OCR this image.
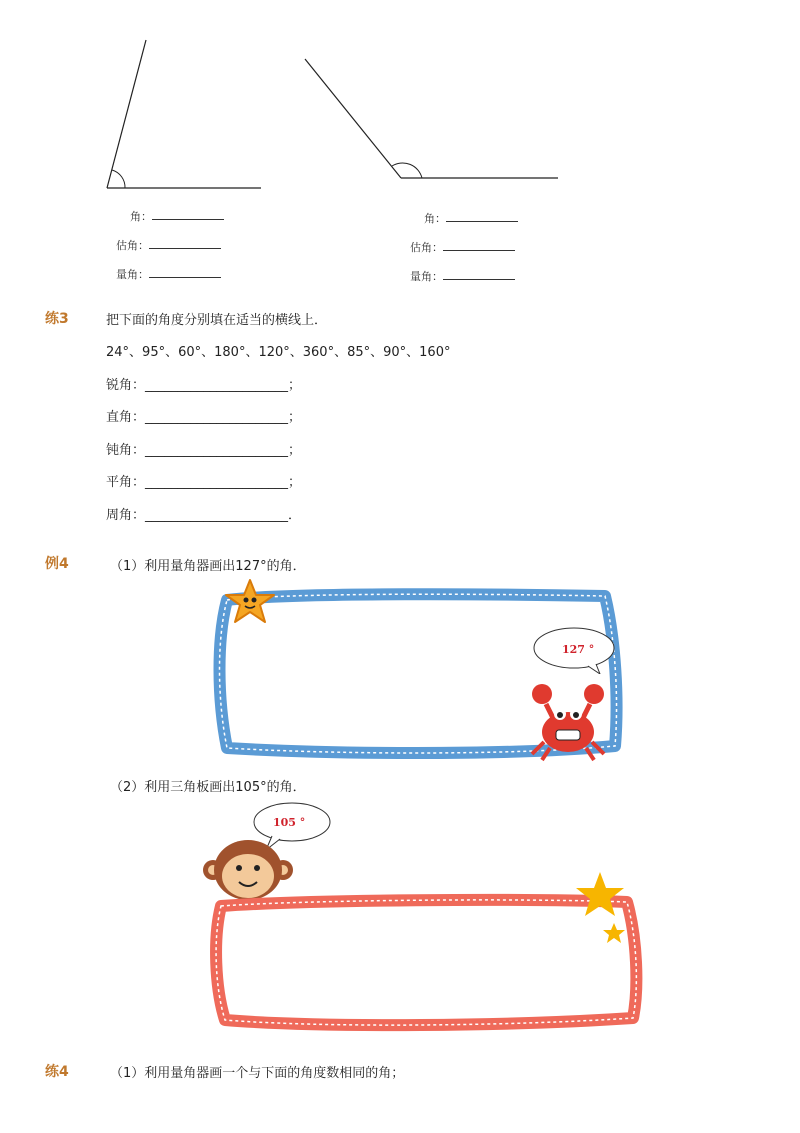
角：
估角：
量角：
角：
估角：
量角：
练3	把下面的角度分别填在适当的横线上．
24°、95°、60°、180°、120°、360°、85°、90°、160°
锐角：______________________；
直角：______________________；
钝角：______________________；
平角：______________________；
周角：______________________．
例4	（1）利用量角器画出127°的角．
127 °
（2）利用三角板画出105°的角．
105 °
练4	（1）利用量角器画一个与下面的角度数相同的角；
